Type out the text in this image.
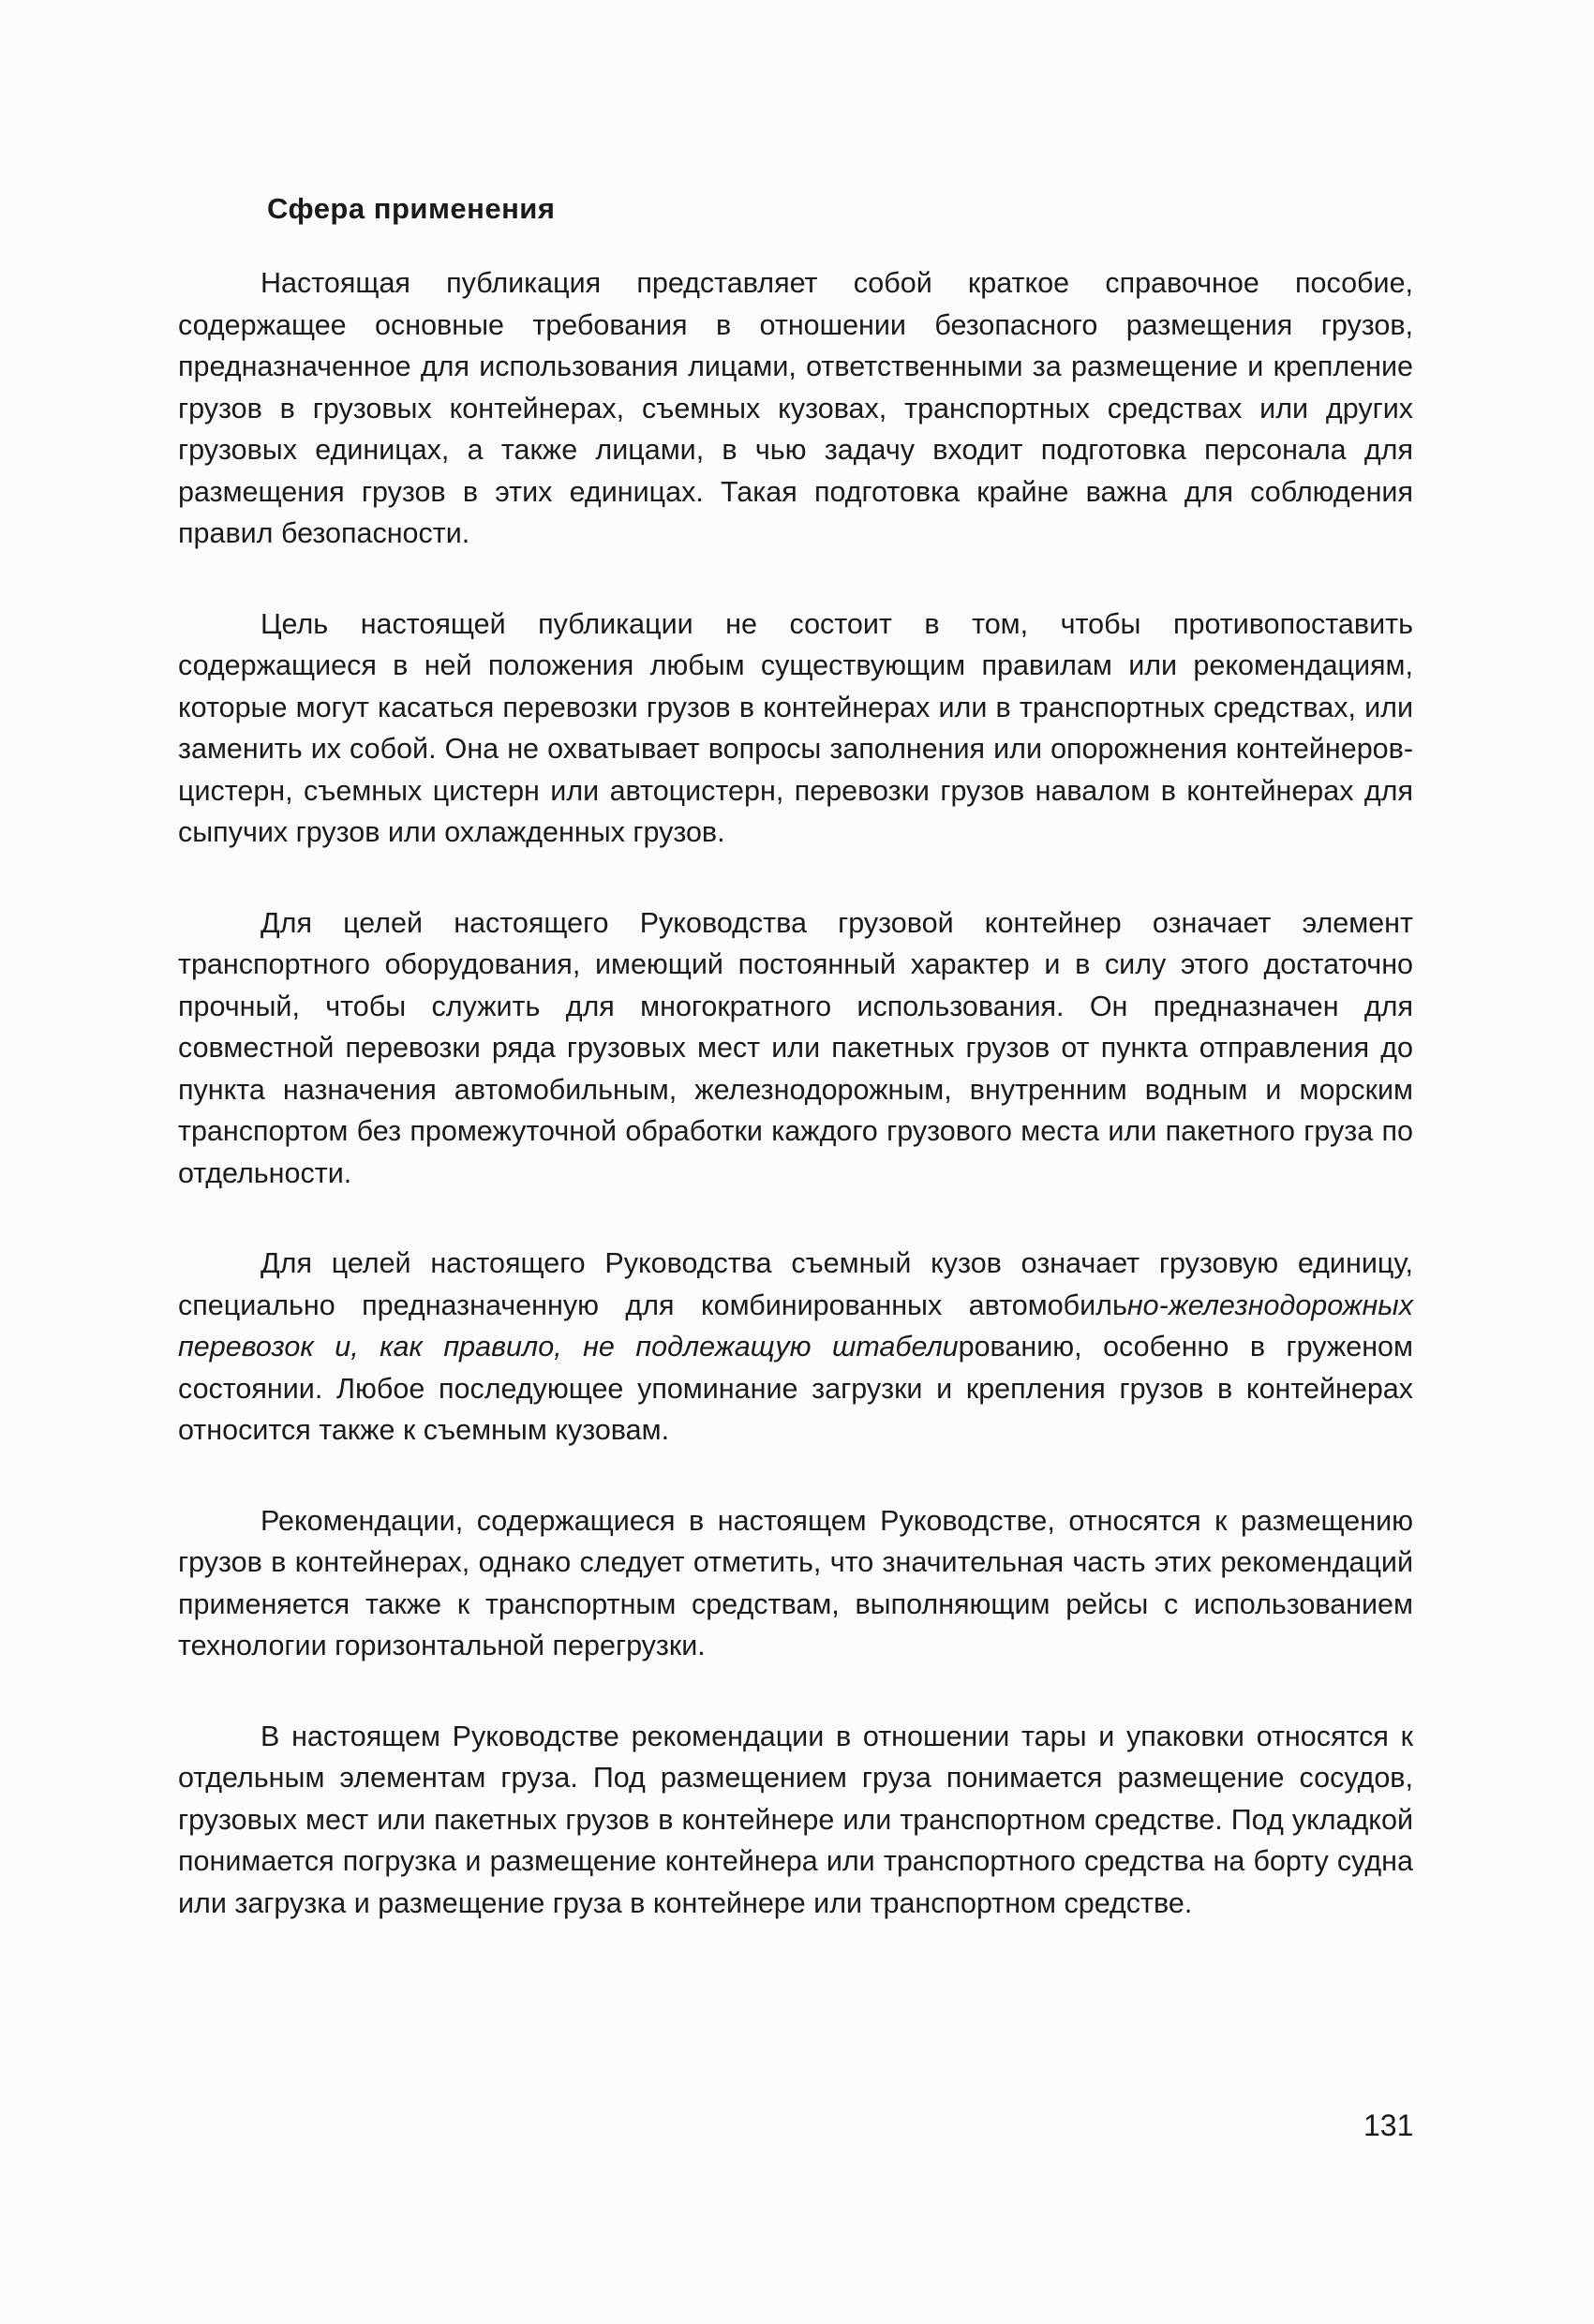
Сфера применения

Настоящая публикация представляет собой краткое справочное пособие, содержащее основные требования в отношении безопасного размещения грузов, предназначенное для использования лицами, ответственными за размещение и крепление грузов в грузовых контейнерах, съемных кузовах, транспортных средствах или других грузовых единицах, а также лицами, в чью задачу входит подготовка персонала для размещения грузов в этих единицах. Такая подготовка крайне важна для соблюдения правил безопасности.

Цель настоящей публикации не состоит в том, чтобы противопоставить содержащиеся в ней положения любым существующим правилам или рекомендациям, которые могут касаться перевозки грузов в контейнерах или в транспортных средствах, или заменить их собой. Она не охватывает вопросы заполнения или опорожнения контейнеров-цистерн, съемных цистерн или автоцистерн, перевозки грузов навалом в контейнерах для сыпучих грузов или охлажденных грузов.

Для целей настоящего Руководства грузовой контейнер означает элемент транспортного оборудования, имеющий постоянный характер и в силу этого достаточно прочный, чтобы служить для многократного использования. Он предназначен для совместной перевозки ряда грузовых мест или пакетных грузов от пункта отправления до пункта назначения автомобильным, железнодорожным, внутренним водным и морским транспортом без промежуточной обработки каждого грузового места или пакетного груза по отдельности.

Для целей настоящего Руководства съемный кузов означает грузовую единицу, специально предназначенную для комбинированных автомобильно-железнодорожных перевозок и, как правило, не подлежащую штабелированию, особенно в груженом состоянии. Любое последующее упоминание загрузки и крепления грузов в контейнерах относится также к съемным кузовам.

Рекомендации, содержащиеся в настоящем Руководстве, относятся к размещению грузов в контейнерах, однако следует отметить, что значительная часть этих рекомендаций применяется также к транспортным средствам, выполняющим рейсы с использованием технологии горизонтальной перегрузки.

В настоящем Руководстве рекомендации в отношении тары и упаковки относятся к отдельным элементам груза. Под размещением груза понимается размещение сосудов, грузовых мест или пакетных грузов в контейнере или транспортном средстве. Под укладкой понимается погрузка и размещение контейнера или транспортного средства на борту судна или загрузка и размещение груза в контейнере или транспортном средстве.

131
